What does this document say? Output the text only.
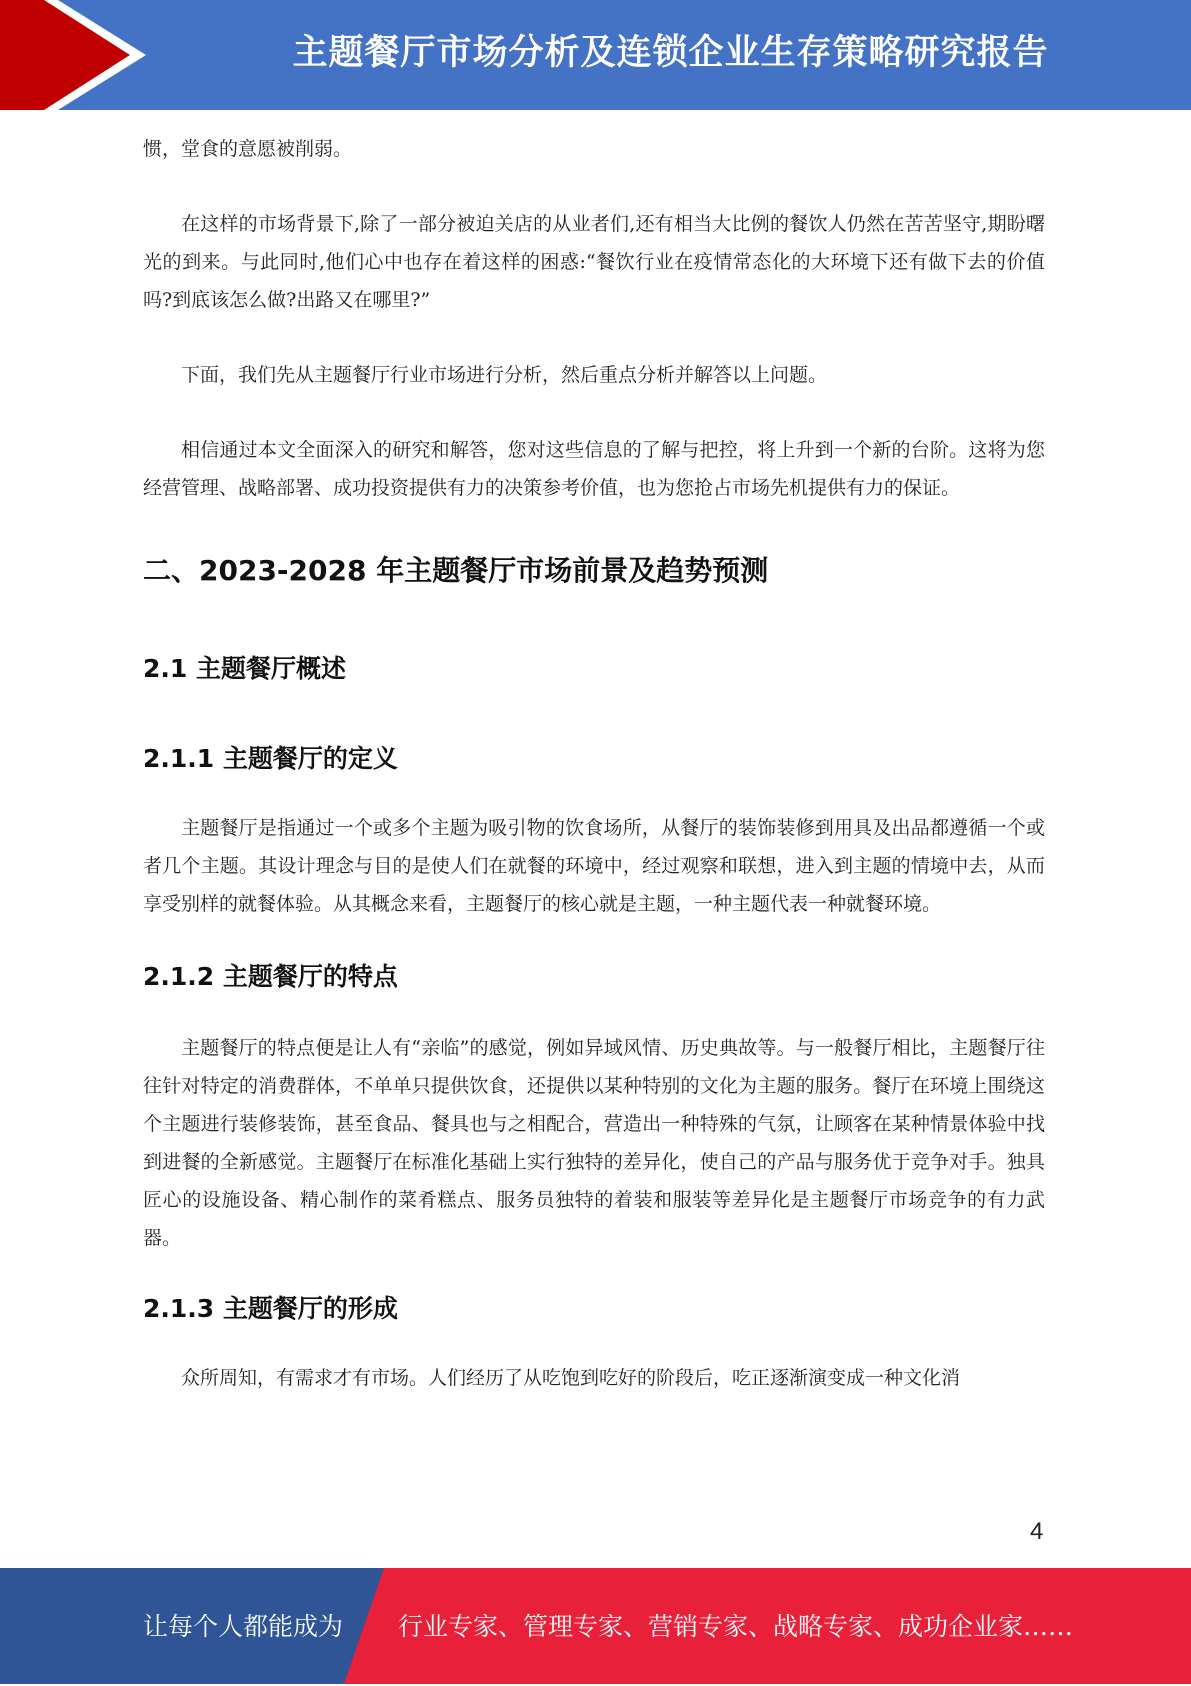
主题餐厅市场分析及连锁企业生存策略研究报告

惯，堂食的意愿被削弱。

在这样的市场背景下,除了一部分被迫关店的从业者们,还有相当大比例的餐饮人仍然在苦苦坚守,期盼曙光的到来。与此同时,他们心中也存在着这样的困惑:“餐饮行业在疫情常态化的大环境下还有做下去的价值吗?到底该怎么做?出路又在哪里?”

下面，我们先从主题餐厅行业市场进行分析，然后重点分析并解答以上问题。

相信通过本文全面深入的研究和解答，您对这些信息的了解与把控，将上升到一个新的台阶。这将为您经营管理、战略部署、成功投资提供有力的决策参考价值，也为您抢占市场先机提供有力的保证。

二、2023-2028 年主题餐厅市场前景及趋势预测
2.1 主题餐厅概述
2.1.1 主题餐厅的定义

主题餐厅是指通过一个或多个主题为吸引物的饮食场所，从餐厅的装饰装修到用具及出品都遵循一个或者几个主题。其设计理念与目的是使人们在就餐的环境中，经过观察和联想，进入到主题的情境中去，从而享受别样的就餐体验。从其概念来看，主题餐厅的核心就是主题，一种主题代表一种就餐环境。

2.1.2 主题餐厅的特点

主题餐厅的特点便是让人有“亲临”的感觉，例如异域风情、历史典故等。与一般餐厅相比，主题餐厅往往针对特定的消费群体，不单单只提供饮食，还提供以某种特别的文化为主题的服务。餐厅在环境上围绕这个主题进行装修装饰，甚至食品、餐具也与之相配合，营造出一种特殊的气氛，让顾客在某种情景体验中找到进餐的全新感觉。主题餐厅在标准化基础上实行独特的差异化，使自己的产品与服务优于竞争对手。独具匠心的设施设备、精心制作的菜肴糕点、服务员独特的着装和服装等差异化是主题餐厅市场竞争的有力武器。

2.1.3 主题餐厅的形成

众所周知，有需求才有市场。人们经历了从吃饱到吃好的阶段后，吃正逐渐演变成一种文化消

4
让每个人都能成为 行业专家、管理专家、营销专家、战略专家、成功企业家……
